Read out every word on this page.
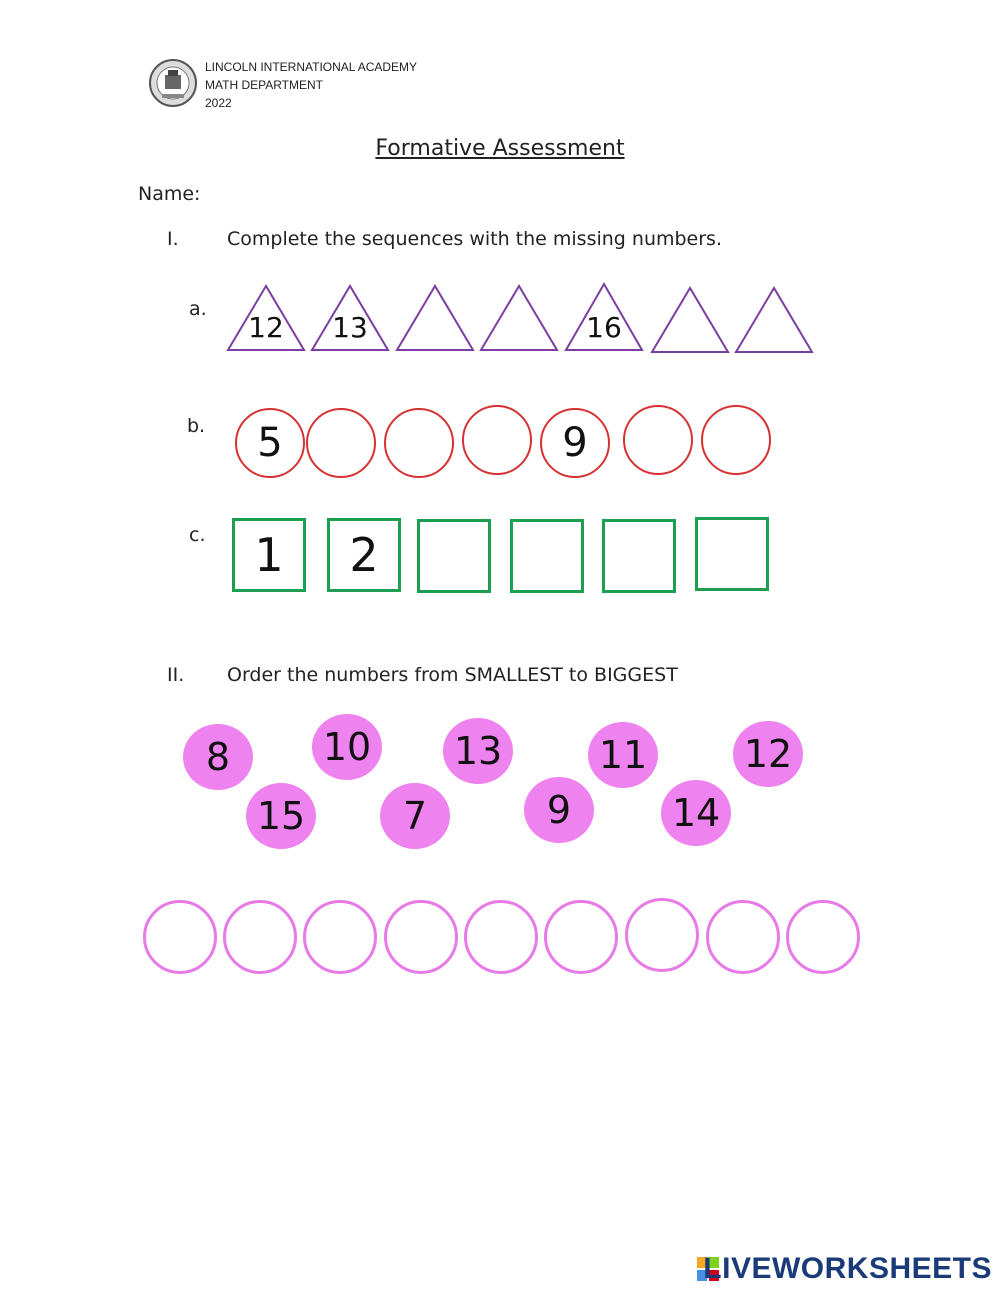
LINCOLN INTERNATIONAL ACADEMY
MATH DEPARTMENT
2022
Formative Assessment
Name:
I.	Complete the sequences with the missing numbers.
a.
12	13	16
b.	5	9
c.	1	2
II. Order the numbers from SMALLEST to BIGGEST
8	10 13	11	12
15	7	9	14
LIVEWORKSHEETS
